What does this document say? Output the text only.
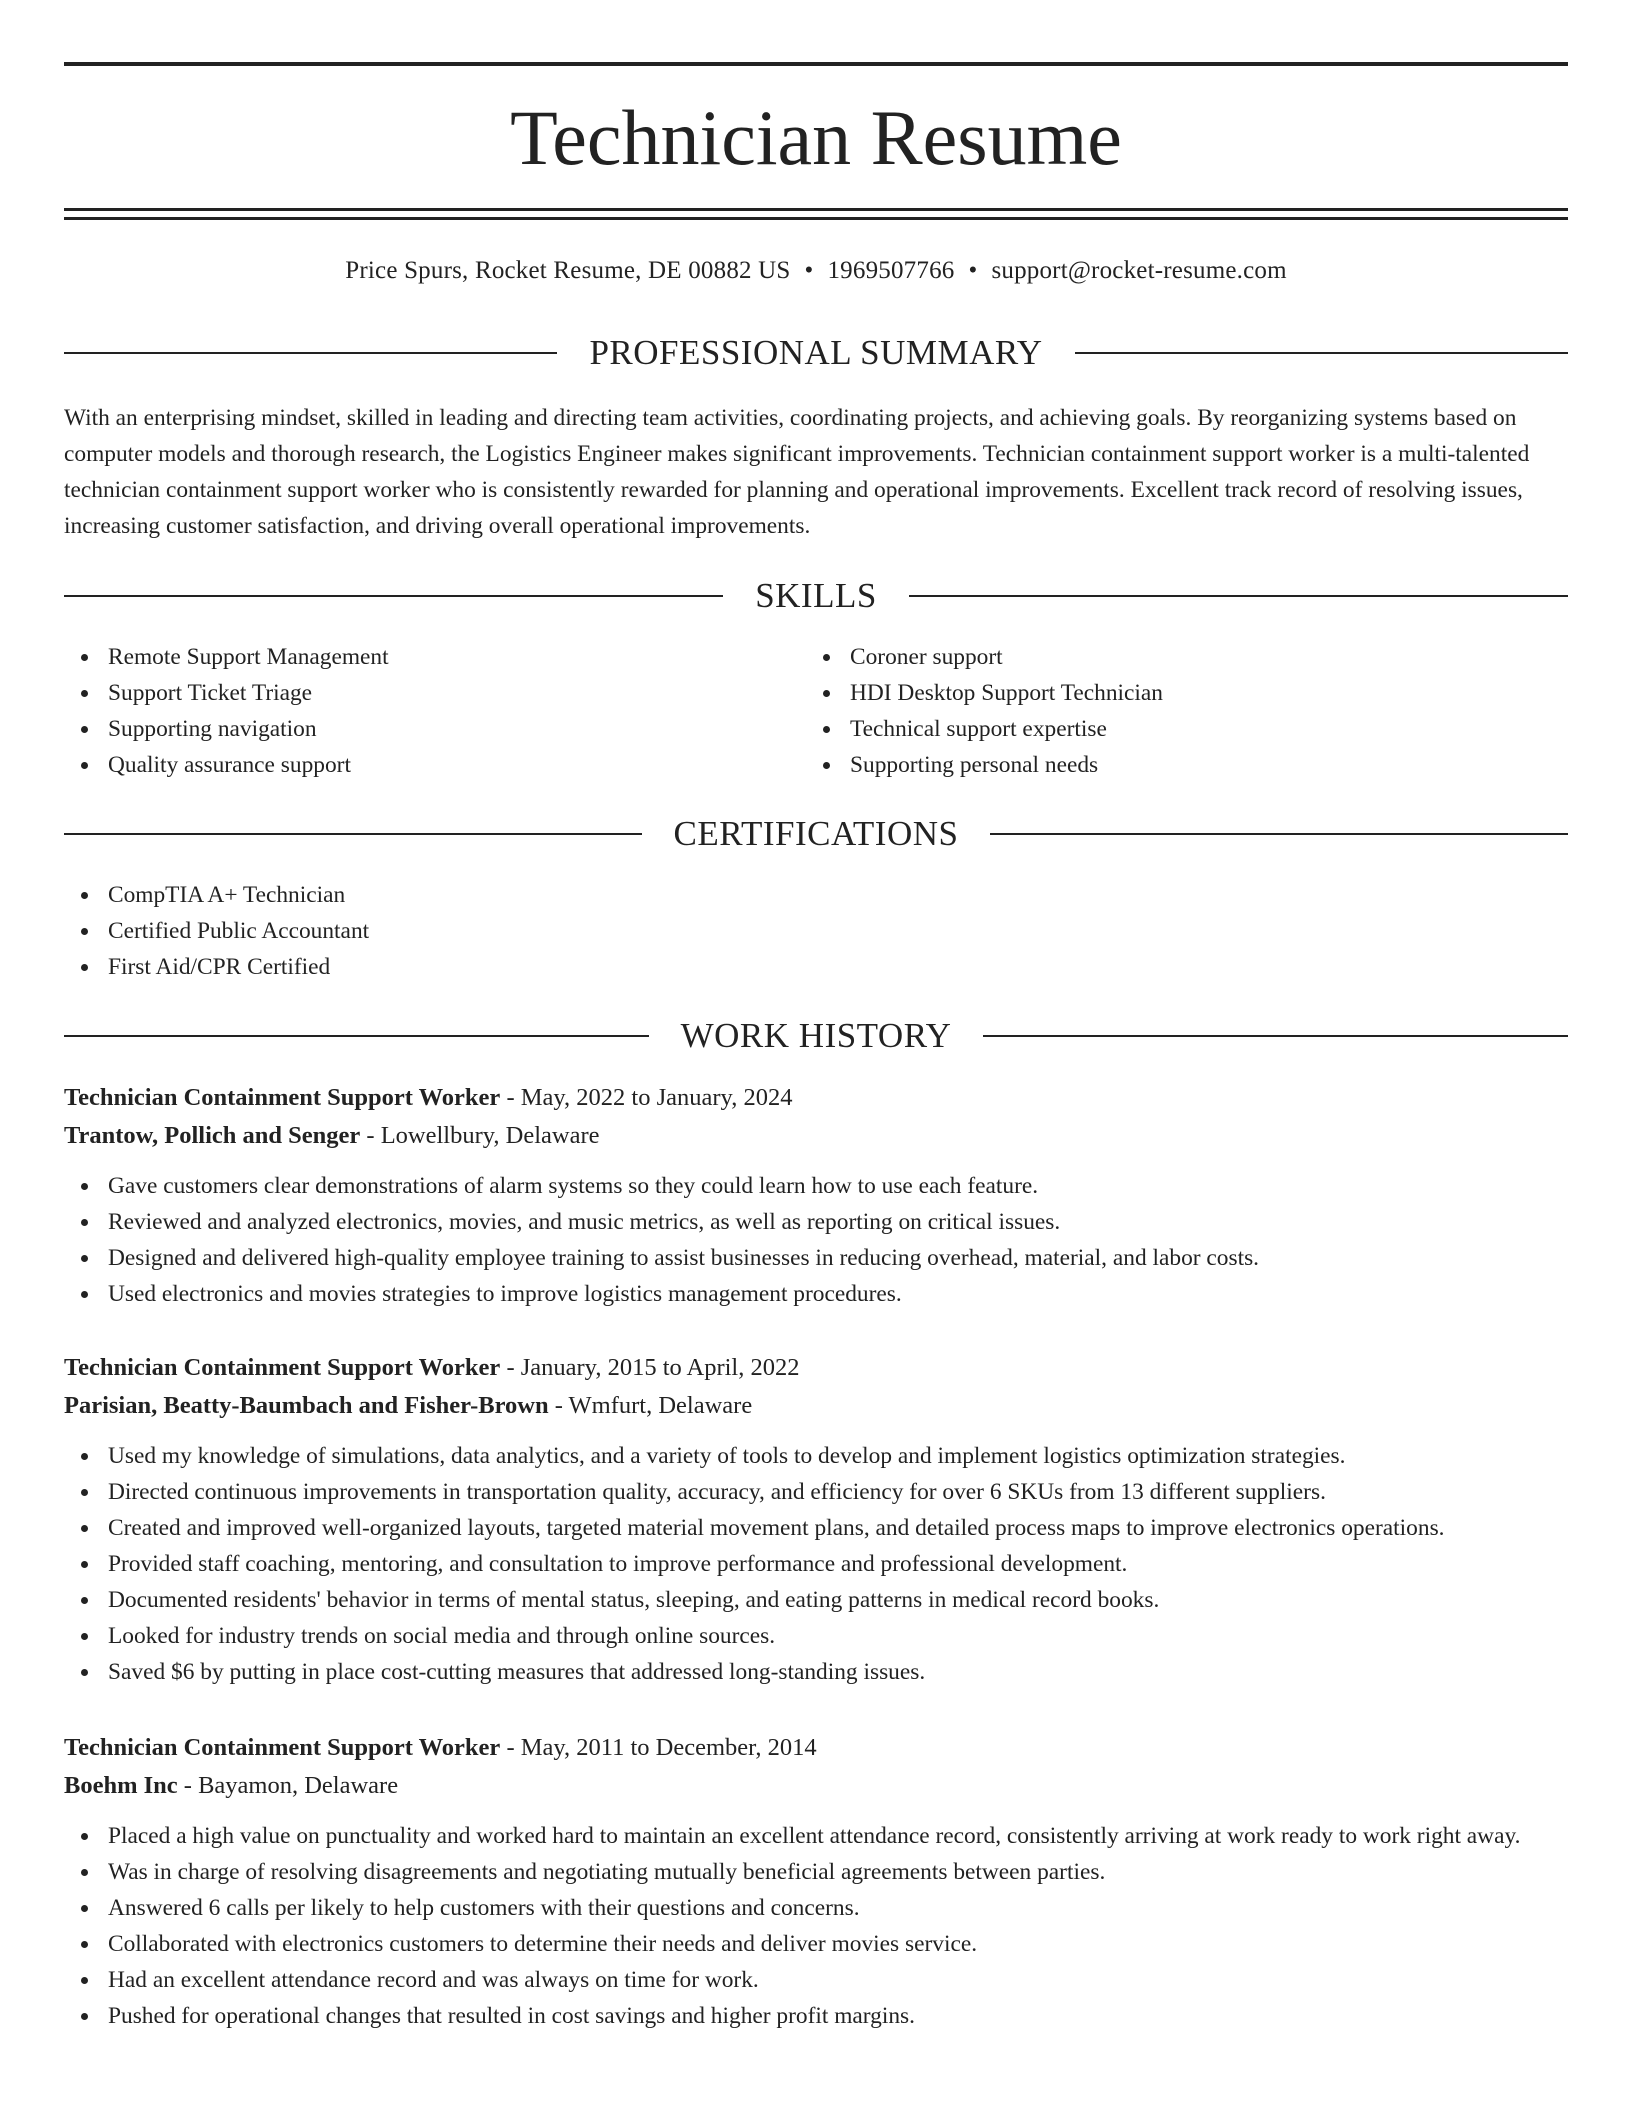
Technician Resume
Price Spurs, Rocket Resume, DE 00882 US • 1969507766 • support@rocket-resume.com
PROFESSIONAL SUMMARY

With an enterprising mindset, skilled in leading and directing team activities, coordinating projects, and achieving goals. By reorganizing systems based on computer models and thorough research, the Logistics Engineer makes significant improvements. Technician containment support worker is a multi-talented technician containment support worker who is consistently rewarded for planning and operational improvements. Excellent track record of resolving issues, increasing customer satisfaction, and driving overall operational improvements.

SKILLS
Remote Support Management
Support Ticket Triage
Supporting navigation
Quality assurance support
Coroner support
HDI Desktop Support Technician
Technical support expertise
Supporting personal needs
CERTIFICATIONS
CompTIA A+ Technician
Certified Public Accountant
First Aid/CPR Certified
WORK HISTORY
Technician Containment Support Worker - May, 2022 to January, 2024
Trantow, Pollich and Senger - Lowellbury, Delaware
Gave customers clear demonstrations of alarm systems so they could learn how to use each feature.
Reviewed and analyzed electronics, movies, and music metrics, as well as reporting on critical issues.
Designed and delivered high-quality employee training to assist businesses in reducing overhead, material, and labor costs.
Used electronics and movies strategies to improve logistics management procedures.
Technician Containment Support Worker - January, 2015 to April, 2022
Parisian, Beatty-Baumbach and Fisher-Brown - Wmfurt, Delaware
Used my knowledge of simulations, data analytics, and a variety of tools to develop and implement logistics optimization strategies.
Directed continuous improvements in transportation quality, accuracy, and efficiency for over 6 SKUs from 13 different suppliers.
Created and improved well-organized layouts, targeted material movement plans, and detailed process maps to improve electronics operations.
Provided staff coaching, mentoring, and consultation to improve performance and professional development.
Documented residents' behavior in terms of mental status, sleeping, and eating patterns in medical record books.
Looked for industry trends on social media and through online sources.
Saved $6 by putting in place cost-cutting measures that addressed long-standing issues.
Technician Containment Support Worker - May, 2011 to December, 2014
Boehm Inc - Bayamon, Delaware
Placed a high value on punctuality and worked hard to maintain an excellent attendance record, consistently arriving at work ready to work right away.
Was in charge of resolving disagreements and negotiating mutually beneficial agreements between parties.
Answered 6 calls per likely to help customers with their questions and concerns.
Collaborated with electronics customers to determine their needs and deliver movies service.
Had an excellent attendance record and was always on time for work.
Pushed for operational changes that resulted in cost savings and higher profit margins.
